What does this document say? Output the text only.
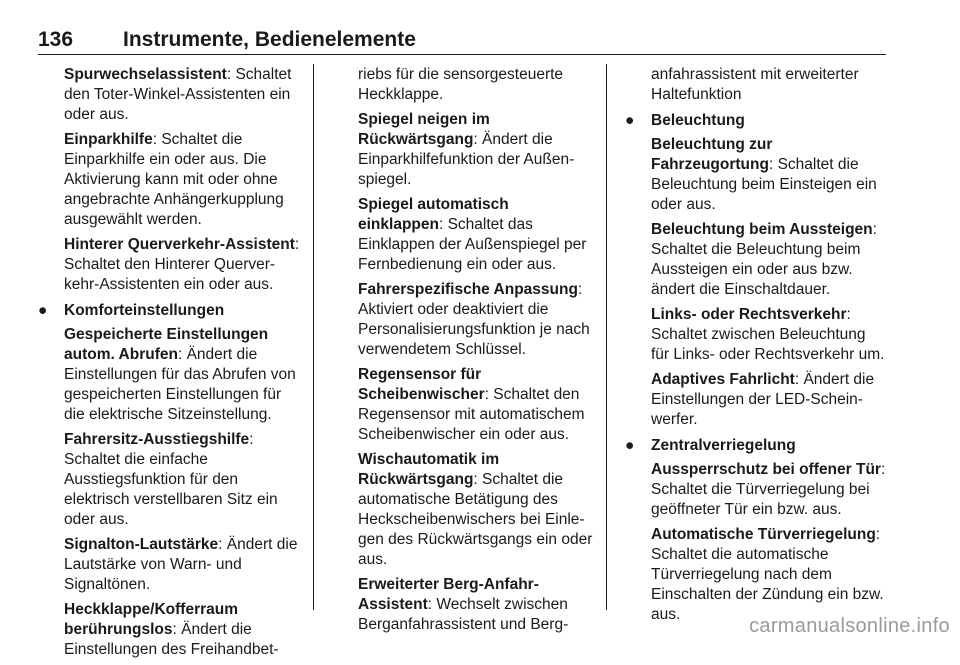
136 Instrumente, Bedienelemente

Spurwechselassistent: Schaltet den Toter-Winkel-Assistenten ein oder aus.

Einparkhilfe: Schaltet die Einparkhilfe ein oder aus. Die Aktivierung kann mit oder ohne angebrachte Anhängerkupplung ausgewählt werden.

Hinterer Querverkehr-Assistent: Schaltet den Hinterer Querverkehr-Assistenten ein oder aus.

● Komforteinstellungen

Gespeicherte Einstellungen autom. Abrufen: Ändert die Einstellungen für das Abrufen von gespeicherten Einstellungen für die elektrische Sitzeinstellung.

Fahrersitz-Ausstiegshilfe: Schaltet die einfache Ausstiegsfunktion für den elektrisch verstellbaren Sitz ein oder aus.

Signalton-Lautstärke: Ändert die Lautstärke von Warn- und Signaltönen.

Heckklappe/Kofferraum berührungslos: Ändert die Einstellungen des Freihandbet-

riebs für die sensorgesteuerte Heckklappe.

Spiegel neigen im Rückwärtsgang: Ändert die Einparkhilfefunktion der Außenspiegel.

Spiegel automatisch einklappen: Schaltet das Einklappen der Außenspiegel per Fernbedienung ein oder aus.

Fahrerspezifische Anpassung: Aktiviert oder deaktiviert die Personalisierungsfunktion je nach verwendetem Schlüssel.

Regensensor für Scheibenwischer: Schaltet den Regensensor mit automatischem Scheibenwischer ein oder aus.

Wischautomatik im Rückwärtsgang: Schaltet die automatische Betätigung des Heckscheibenwischers bei Einlegen des Rückwärtsgangs ein oder aus.

Erweiterter Berg-Anfahr-Assistent: Wechselt zwischen Berganfahrassistent und Berg-

anfahrassistent mit erweiterter Haltefunktion

● Beleuchtung

Beleuchtung zur Fahrzeugortung: Schaltet die Beleuchtung beim Einsteigen ein oder aus.

Beleuchtung beim Aussteigen: Schaltet die Beleuchtung beim Aussteigen ein oder aus bzw. ändert die Einschaltdauer.

Links- oder Rechtsverkehr: Schaltet zwischen Beleuchtung für Links- oder Rechtsverkehr um.

Adaptives Fahrlicht: Ändert die Einstellungen der LED-Scheinwerfer.

● Zentralverriegelung

Aussperrschutz bei offener Tür: Schaltet die Türverriegelung bei geöffneter Tür ein bzw. aus.

Automatische Türverriegelung: Schaltet die automatische Türverriegelung nach dem Einschalten der Zündung ein bzw. aus.

carmanualsonline.info
